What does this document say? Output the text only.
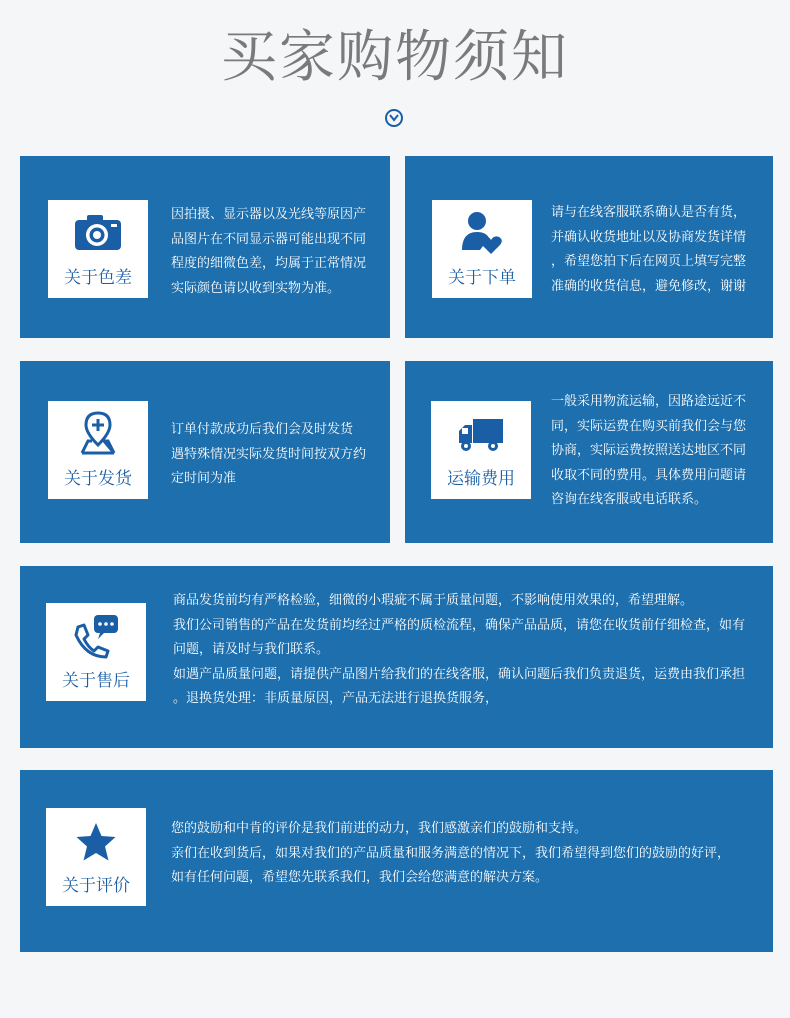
买家购物须知
关于色差

因拍摄、显示器以及光线等原因产

品图片在不同显示器可能出现不同

程度的细微色差，均属于正常情况

实际颜色请以收到实物为准。	关于下单

请与在线客服联系确认是否有货，

并确认收货地址以及协商发货详情

，希望您拍下后在网页上填写完整

准确的收货信息，避免修改，谢谢

关于发货

订单付款成功后我们会及时发货

遇特殊情况实际发货时间按双方约

定时间为准	运输费用

一般采用物流运输，因路途远近不

同，实际运费在购买前我们会与您

协商，实际运费按照送达地区不同

收取不同的费用。具体费用问题请

咨询在线客服或电话联系。

关于售后

商品发货前均有严格检验，细微的小瑕疵不属于质量问题，不影响使用效果的，希望理解。

我们公司销售的产品在发货前均经过严格的质检流程，确保产品品质，请您在收货前仔细检查，如有

问题，请及时与我们联系。

如遇产品质量问题，请提供产品图片给我们的在线客服，确认问题后我们负责退货，运费由我们承担

。退换货处理：非质量原因，产品无法进行退换货服务，

关于评价

您的鼓励和中肯的评价是我们前进的动力，我们感激亲们的鼓励和支持。

亲们在收到货后，如果对我们的产品质量和服务满意的情况下，我们希望得到您们的鼓励的好评，

如有任何问题，希望您先联系我们，我们会给您满意的解决方案。
